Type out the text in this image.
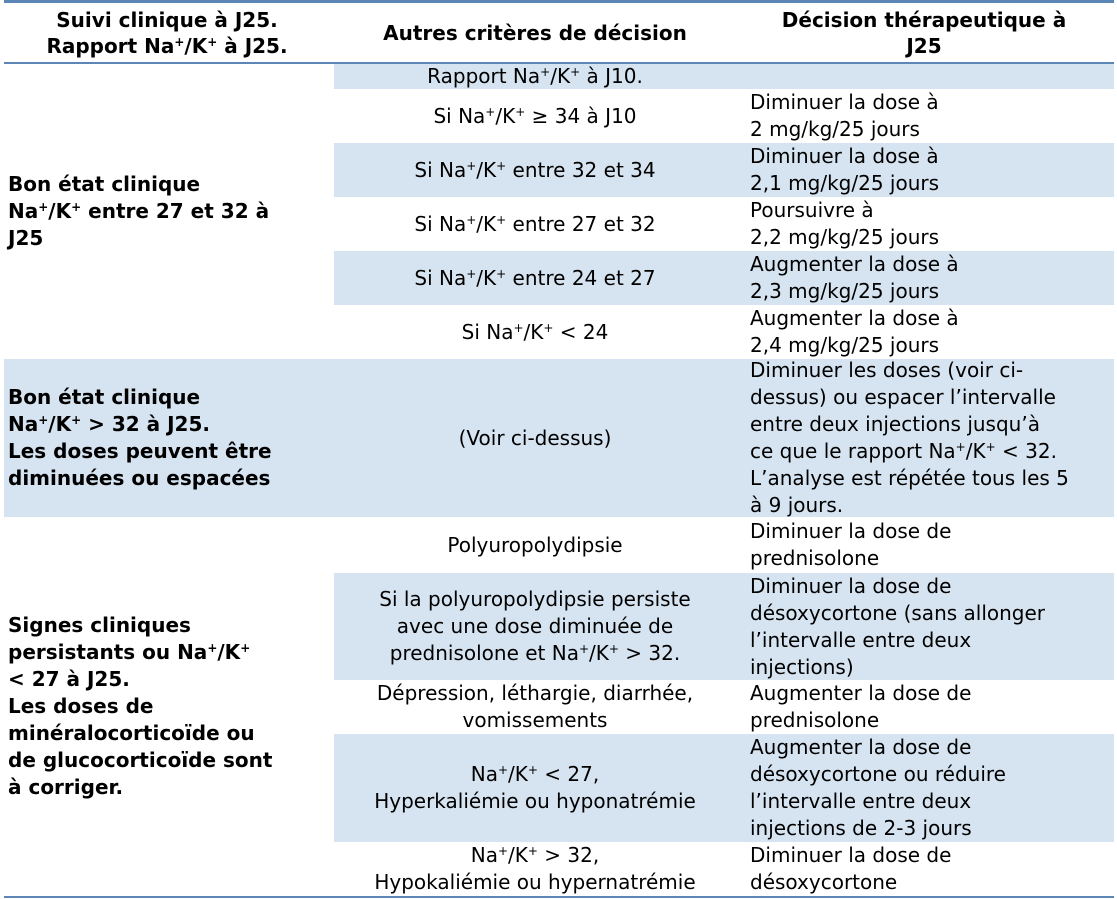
Suivi clinique à J25.
Rapport Na+/K+ à J25.
Autres critères de décision
Décision thérapeutique à
J25
Bon état clinique
Na+/K+ entre 27 et 32 à
J25
Rapport Na+/K+ à J10.
Si Na+/K+ ≥ 34 à J10
Diminuer la dose à
2 mg/kg/25 jours
Si Na+/K+ entre 32 et 34
Diminuer la dose à
2,1 mg/kg/25 jours
Si Na+/K+ entre 27 et 32
Poursuivre à
2,2 mg/kg/25 jours
Si Na+/K+ entre 24 et 27
Augmenter la dose à
2,3 mg/kg/25 jours
Si Na+/K+ < 24
Augmenter la dose à
2,4 mg/kg/25 jours
Bon état clinique
Na+/K+ > 32 à J25.
Les doses peuvent être
diminuées ou espacées
(Voir ci-dessus)
Diminuer les doses (voir ci-
dessus) ou espacer l’intervalle
entre deux injections jusqu’à
ce que le rapport Na+/K+ < 32.
L’analyse est répétée tous les 5
à 9 jours.
Signes cliniques
persistants ou Na+/K+
< 27 à J25.
Les doses de
minéralocorticoïde ou
de glucocorticoïde sont
à corriger.
Polyuropolydipsie
Diminuer la dose de
prednisolone
Si la polyuropolydipsie persiste
avec une dose diminuée de
prednisolone et Na+/K+ > 32.
Diminuer la dose de
désoxycortone (sans allonger
l’intervalle entre deux
injections)
Dépression, léthargie, diarrhée,
vomissements
Augmenter la dose de
prednisolone
Na+/K+ < 27,
Hyperkaliémie ou hyponatrémie
Augmenter la dose de
désoxycortone ou réduire
l’intervalle entre deux
injections de 2-3 jours
Na+/K+ > 32,
Hypokaliémie ou hypernatrémie
Diminuer la dose de
désoxycortone
